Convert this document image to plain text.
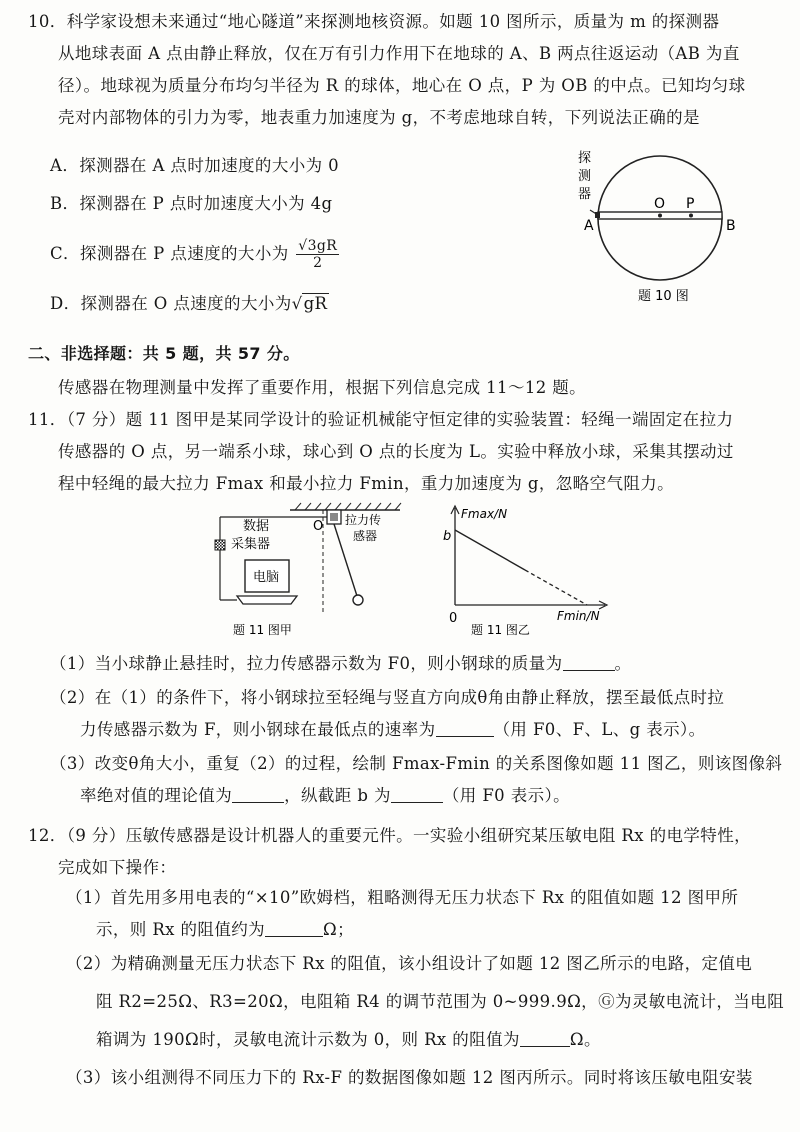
10．科学家设想未来通过“地心隧道”来探测地核资源。如题 10 图所示，质量为 m 的探测器
从地球表面 A 点由静止释放，仅在万有引力作用下在地球的 A、B 两点往返运动（AB 为直
径）。地球视为质量分布均匀半径为 R 的球体，地心在 O 点，P 为 OB 的中点。已知均匀球
壳对内部物体的引力为零，地表重力加速度为 g，不考虑地球自转，下列说法正确的是
A．探测器在 A 点时加速度的大小为 0
B．探测器在 P 点时加速度大小为 4g
C．探测器在 P 点速度的大小为 $\frac{√3gR}{2}$
D．探测器在 O 点速度的大小为√gR
探
测
器
A	B
O P
题 10 图
二、非选择题：共 5 题，共 57 分。
传感器在物理测量中发挥了重要作用，根据下列信息完成 11～12 题。
11．（7 分）题 11 图甲是某同学设计的验证机械能守恒定律的实验装置：轻绳一端固定在拉力
传感器的 O 点，另一端系小球，球心到 O 点的长度为 L。实验中释放小球，采集其摆动过
程中轻绳的最大拉力 Fmax 和最小拉力 Fmin，重力加速度为 g，忽略空气阻力。
O 拉力传
感器
数据
采集器
电脑
题 11 图甲
Fmax/N
b
0	Fmin/N
题 11 图乙
（1）当小球静止悬挂时，拉力传感器示数为 F0，则小钢球的质量为	。
（2）在（1）的条件下，将小钢球拉至轻绳与竖直方向成θ角由静止释放，摆至最低点时拉
力传感器示数为 F，则小钢球在最低点的速率为	（用 F0、F、L、g 表示）。
（3）改变θ角大小，重复（2）的过程，绘制 Fmax-Fmin 的关系图像如题 11 图乙，则该图像斜
率绝对值的理论值为	，纵截距 b 为	（用 F0 表示）。
12．（9 分）压敏传感器是设计机器人的重要元件。一实验小组研究某压敏电阻 Rx 的电学特性，
完成如下操作：
（1）首先用多用电表的“×10”欧姆档，粗略测得无压力状态下 Rx 的阻值如题 12 图甲所
示，则 Rx 的阻值约为	Ω；
（2）为精确测量无压力状态下 Rx 的阻值，该小组设计了如题 12 图乙所示的电路，定值电
阻 R2=25Ω、R3=20Ω，电阻箱 R4 的调节范围为 0~999.9Ω，Ⓖ为灵敏电流计，当电阻
箱调为 190Ω时，灵敏电流计示数为 0，则 Rx 的阻值为	Ω。
（3）该小组测得不同压力下的 Rx-F 的数据图像如题 12 图丙所示。同时将该压敏电阻安装
